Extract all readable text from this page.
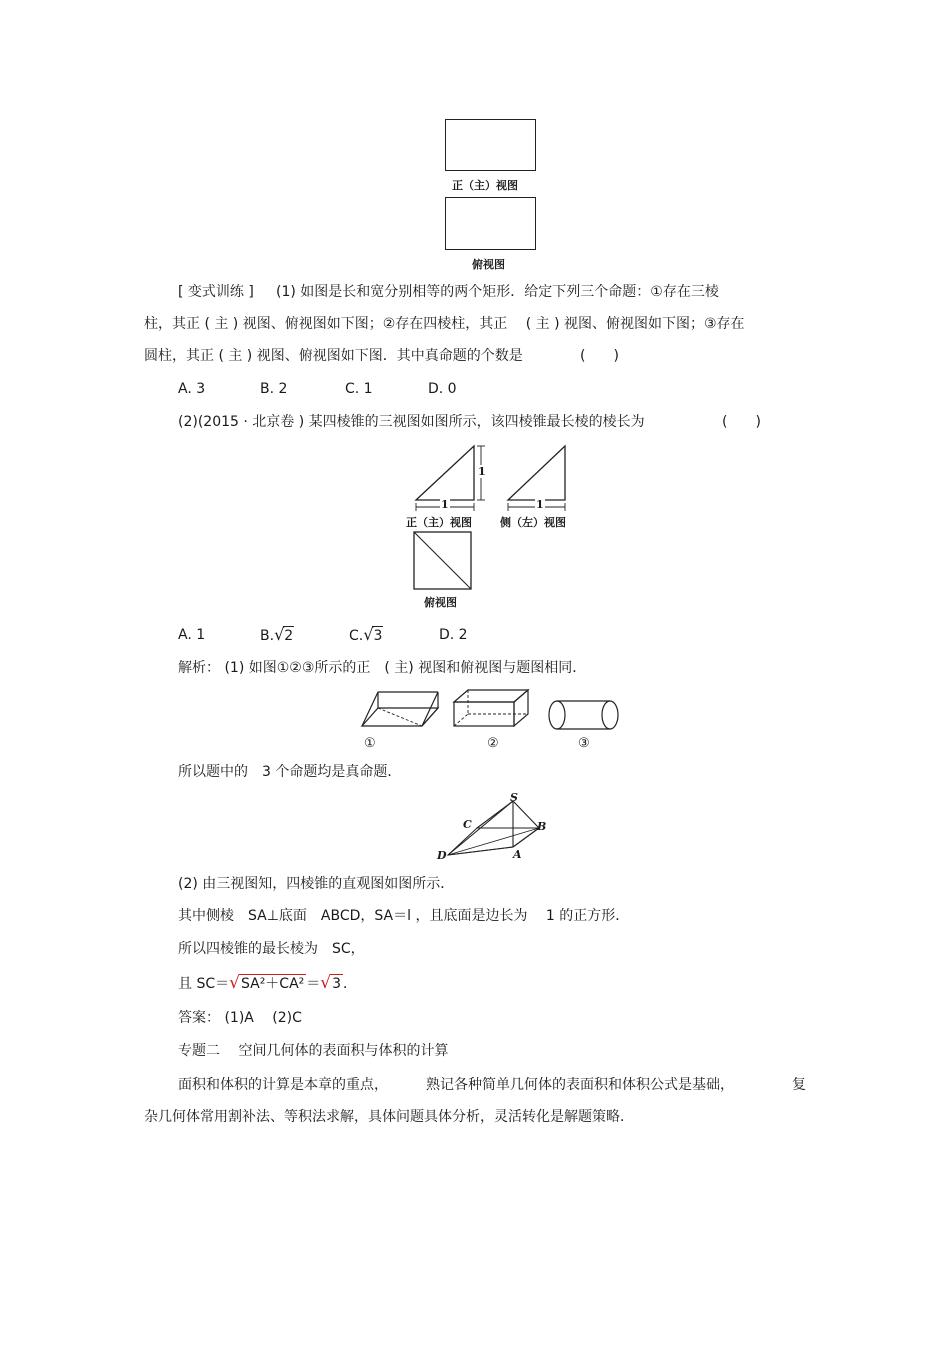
正（主）视图
俯视图
[ 变式训练 ] (1) 如图是长和宽分别相等的两个矩形．给定下列三个命题：①存在三棱
柱，其正 ( 主 ) 视图、俯视图如下图；②存在四棱柱，其正　 ( 主 ) 视图、俯视图如下图；③存在
圆柱，其正 ( 主 ) 视图、俯视图如下图．其中真命题的个数是	(　　)
A. 3	B. 2	C. 1	D. 0
(2)(2015 · 北京卷 ) 某四棱锥的三视图如图所示，该四棱锥最长棱的棱长为	(　　)
1
1
1
正（主）视图	侧（左）视图
俯视图
A. 1	B.√2	C.√3	D. 2
解析： (1) 如图①②③所示的正　( 主) 视图和俯视图与题图相同．
①	②	③
所以题中的　3 个命题均是真命题．
S
C	B
D	A
(2) 由三视图知，四棱锥的直观图如图所示．
其中侧棱　SA⊥底面　ABCD，SA＝l ，且底面是边长为　 1 的正方形．
所以四棱锥的最长棱为　 SC，
且 SC＝√SA²＋CA² ＝√3 ．
答案： (1)A　 (2)C
专题二　 空间几何体的表面积与体积的计算
面积和体积的计算是本章的重点，	熟记各种简单几何体的表面积和体积公式是基础，	复
杂几何体常用割补法、等积法求解，具体问题具体分析，灵活转化是解题策略．
